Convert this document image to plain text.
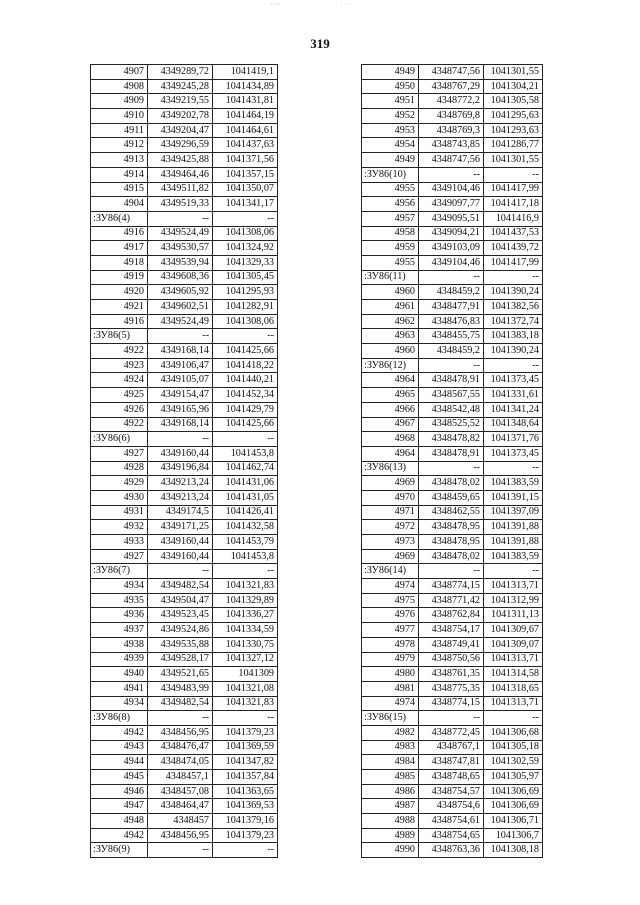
˙˙˙˙	˙ ˙ ˙
319
4907	4349289,72	1041419,1
4908	4349245,28	1041434,89
4909	4349219,55	1041431,81
4910	4349202,78	1041464,19
4911	4349204,47	1041464,61
4912	4349296,59	1041437,63
4913	4349425,88	1041371,56
4914	4349464,46	1041357,15
4915	4349511,82	1041350,07
4904	4349519,33	1041341,17
:ЗУ86(4)	--	--
4916	4349524,49	1041308,06
4917	4349530,57	1041324,92
4918	4349539,94	1041329,33
4919	4349608,36	1041305,45
4920	4349605,92	1041295,93
4921	4349602,51	1041282,91
4916	4349524,49	1041308,06
:ЗУ86(5)	--	--
4922	4349168,14	1041425,66
4923	4349106,47	1041418,22
4924	4349105,07	1041440,21
4925	4349154,47	1041452,34
4926	4349165,96	1041429,79
4922	4349168,14	1041425,66
:ЗУ86(6)	--	--
4927	4349160,44	1041453,8
4928	4349196,84	1041462,74
4929	4349213,24	1041431,06
4930	4349213,24	1041431,05
4931	4349174,5	1041426,41
4932	4349171,25	1041432,58
4933	4349160,44	1041453,79
4927	4349160,44	1041453,8
:ЗУ86(7)	--	--
4934	4349482,54	1041321,83
4935	4349504,47	1041329,89
4936	4349523,45	1041336,27
4937	4349524,86	1041334,59
4938	4349535,88	1041330,75
4939	4349528,17	1041327,12
4940	4349521,65	1041309
4941	4349483,99	1041321,08
4934	4349482,54	1041321,83
:ЗУ86(8)	--	--
4942	4348456,95	1041379,23
4943	4348476,47	1041369,59
4944	4348474,05	1041347,82
4945	4348457,1	1041357,84
4946	4348457,08	1041363,65
4947	4348464,47	1041369,53
4948	4348457	1041379,16
4942	4348456,95	1041379,23
:ЗУ86(9)	--	--
4949	4348747,56	1041301,55
4950	4348767,29	1041304,21
4951	4348772,2	1041305,58
4952	4348769,8	1041295,63
4953	4348769,3	1041293,63
4954	4348743,85	1041286,77
4949	4348747,56	1041301,55
:ЗУ86(10)	--	--
4955	4349104,46	1041417,99
4956	4349097,77	1041417,18
4957	4349095,51	1041416,9
4958	4349094,21	1041437,53
4959	4349103,09	1041439,72
4955	4349104,46	1041417,99
:ЗУ86(11)	--	--
4960	4348459,2	1041390,24
4961	4348477,91	1041382,56
4962	4348476,83	1041372,74
4963	4348455,75	1041383,18
4960	4348459,2	1041390,24
:ЗУ86(12)	--	--
4964	4348478,91	1041373,45
4965	4348567,55	1041331,61
4966	4348542,48	1041341,24
4967	4348525,52	1041348,64
4968	4348478,82	1041371,76
4964	4348478,91	1041373,45
:ЗУ86(13)	--	--
4969	4348478,02	1041383,59
4970	4348459,65	1041391,15
4971	4348462,55	1041397,09
4972	4348478,95	1041391,88
4973	4348478,95	1041391,88
4969	4348478,02	1041383,59
:ЗУ86(14)	--	--
4974	4348774,15	1041313,71
4975	4348771,42	1041312,99
4976	4348762,84	1041311,13
4977	4348754,17	1041309,67
4978	4348749,41	1041309,07
4979	4348750,56	1041313,71
4980	4348761,35	1041314,58
4981	4348775,35	1041318,65
4974	4348774,15	1041313,71
:ЗУ86(15)	--	--
4982	4348772,45	1041306,68
4983	4348767,1	1041305,18
4984	4348747,81	1041302,59
4985	4348748,65	1041305,97
4986	4348754,57	1041306,69
4987	4348754,6	1041306,69
4988	4348754,61	1041306,71
4989	4348754,65	1041306,7
4990	4348763,36	1041308,18
